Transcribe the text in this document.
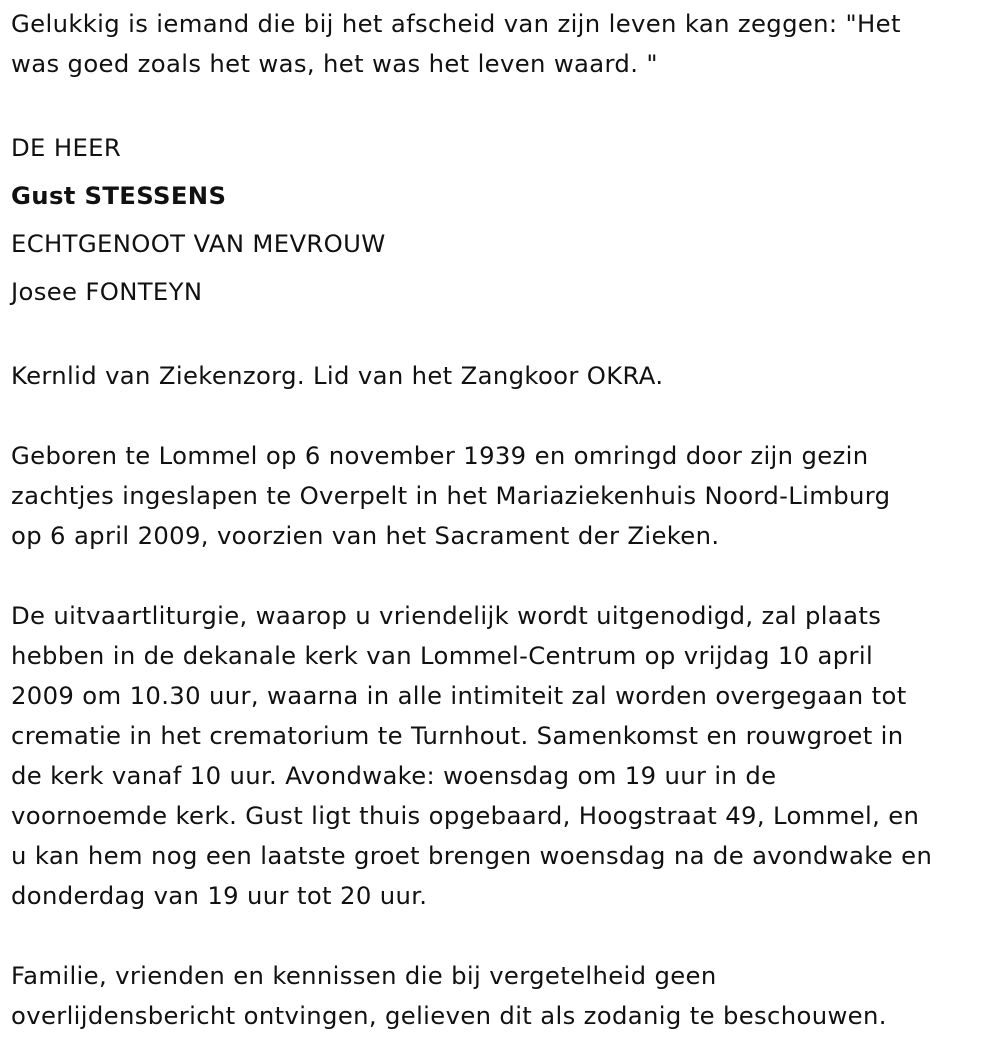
Gelukkig is iemand die bij het afscheid van zijn leven kan zeggen: "Het
was goed zoals het was, het was het leven waard. "
DE HEER
Gust STESSENS
ECHTGENOOT VAN MEVROUW
Josee FONTEYN
Kernlid van Ziekenzorg. Lid van het Zangkoor OKRA.
Geboren te Lommel op 6 november 1939 en omringd door zijn gezin
zachtjes ingeslapen te Overpelt in het Mariaziekenhuis Noord-Limburg
op 6 april 2009, voorzien van het Sacrament der Zieken.
De uitvaartliturgie, waarop u vriendelijk wordt uitgenodigd, zal plaats
hebben in de dekanale kerk van Lommel-Centrum op vrijdag 10 april
2009 om 10.30 uur, waarna in alle intimiteit zal worden overgegaan tot
crematie in het crematorium te Turnhout. Samenkomst en rouwgroet in
de kerk vanaf 10 uur. Avondwake: woensdag om 19 uur in de
voornoemde kerk. Gust ligt thuis opgebaard, Hoogstraat 49, Lommel, en
u kan hem nog een laatste groet brengen woensdag na de avondwake en
donderdag van 19 uur tot 20 uur.
Familie, vrienden en kennissen die bij vergetelheid geen
overlijdensbericht ontvingen, gelieven dit als zodanig te beschouwen.
